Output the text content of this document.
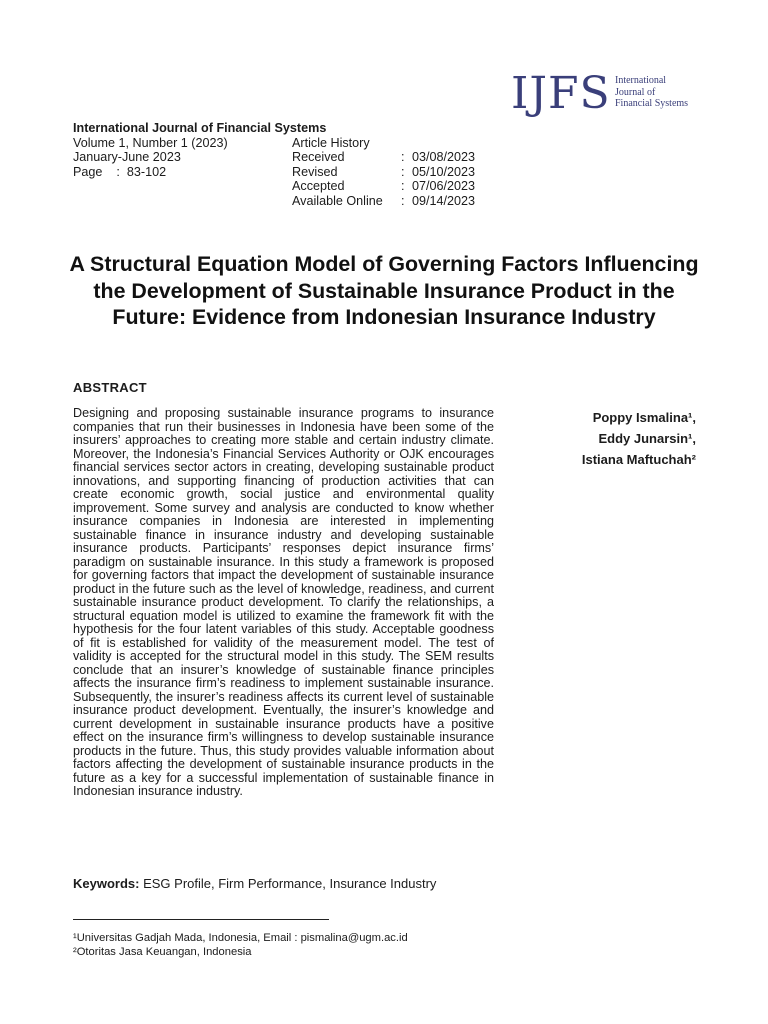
IJFS International
Journal of
Financial Systems
International Journal of Financial Systems
Volume 1, Number 1 (2023)
January-June 2023
Page    :  83-102
Article History
Received	: 03/08/2023
Revised	: 05/10/2023
Accepted	: 07/06/2023
Available Online	: 09/14/2023
A Structural Equation Model of Governing Factors Influencing the Development of Sustainable Insurance Product in the Future: Evidence from Indonesian Insurance Industry
ABSTRACT
Designing and proposing sustainable insurance programs to insurance companies that run their businesses in Indonesia have been some of the insurers’ approaches to creating more stable and certain industry climate. Moreover, the Indonesia’s Financial Services Authority or OJK encourages financial services sector actors in creating, developing sustainable product innovations, and supporting financing of production activities that can create economic growth, social justice and environmental quality improvement. Some survey and analysis are conducted to know whether insurance companies in Indonesia are interested in implementing sustainable finance in insurance industry and developing sustainable insurance products. Participants’ responses depict insurance firms’ paradigm on sustainable insurance. In this study a framework is proposed for governing factors that impact the development of sustainable insurance product in the future such as the level of knowledge, readiness, and current sustainable insurance product development. To clarify the relationships, a structural equation model is utilized to examine the framework fit with the hypothesis for the four latent variables of this study. Acceptable goodness of fit is established for validity of the measurement model. The test of validity is accepted for the structural model in this study. The SEM results conclude that an insurer’s knowledge of sustainable finance principles affects the insurance firm’s readiness to implement sustainable insurance. Subsequently, the insurer’s readiness affects its current level of sustainable insurance product development. Eventually, the insurer’s knowledge and current development in sustainable insurance products have a positive effect on the insurance firm’s willingness to develop sustainable insurance products in the future. Thus, this study provides valuable information about factors affecting the development of sustainable insurance products in the future as a key for a successful implementation of sustainable finance in Indonesian insurance industry.
Poppy Ismalina¹,
Eddy Junarsin¹,
Istiana Maftuchah²
Keywords: ESG Profile, Firm Performance, Insurance Industry
¹Universitas Gadjah Mada, Indonesia, Email : pismalina@ugm.ac.id
²Otoritas Jasa Keuangan, Indonesia
